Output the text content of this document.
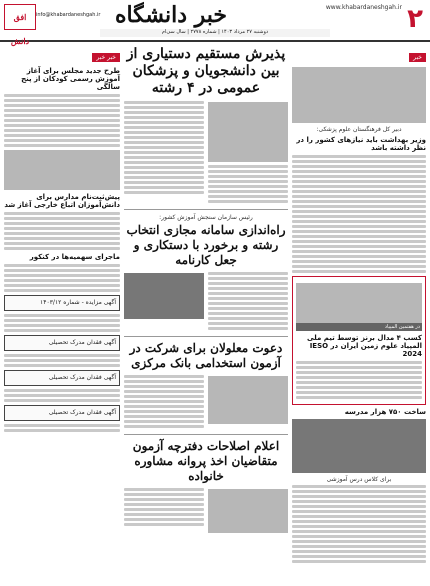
۲
www.khabardaneshgah.ir
خبر دانشگاه
info@khabardaneshgah.ir
افق دانش
دوشنبه ۲۷ مرداد ۱۴۰۳ | شماره ۲۷۷۸ | سال سی‌ام
خبر
دبیر کل فرهنگستان علوم پزشکی:
وزیر بهداشت باید نیازهای کشور را در نظر داشته باشد
در هفتمین المپیاد
کسب ۴ مدال برنز توسط تیم ملی المپیاد علوم زمین ایران در IESO 2024
ساخت ۷۵۰ هزار مدرسه
برای کلاس درس آموزشی
پذیرش مستقیم دستیاری از بین دانشجویان و پزشکان عمومی در ۴ رشته
رئیس سازمان سنجش آموزش کشور:
راه‌اندازی سامانه مجازی انتخاب رشته و برخورد با دستکاری و جعل کارنامه
دعوت معلولان برای شرکت در آزمون استخدامی بانک مرکزی
اعلام اصلاحات دفترچه آزمون متقاضیان اخذ پروانه مشاوره خانواده
خبر خبر
طرح جدید مجلس برای آغاز آموزش رسمی کودکان از پنج سالگی
پیش‌ثبت‌نام مدارس برای دانش‌آموزان اتباع خارجی آغاز شد
ماجرای سهمیه‌ها در کنکور
آگهی مزایده - شماره ۱۴۰۳/۱۲
آگهی فقدان مدرک تحصیلی
آگهی فقدان مدرک تحصیلی
آگهی فقدان مدرک تحصیلی
